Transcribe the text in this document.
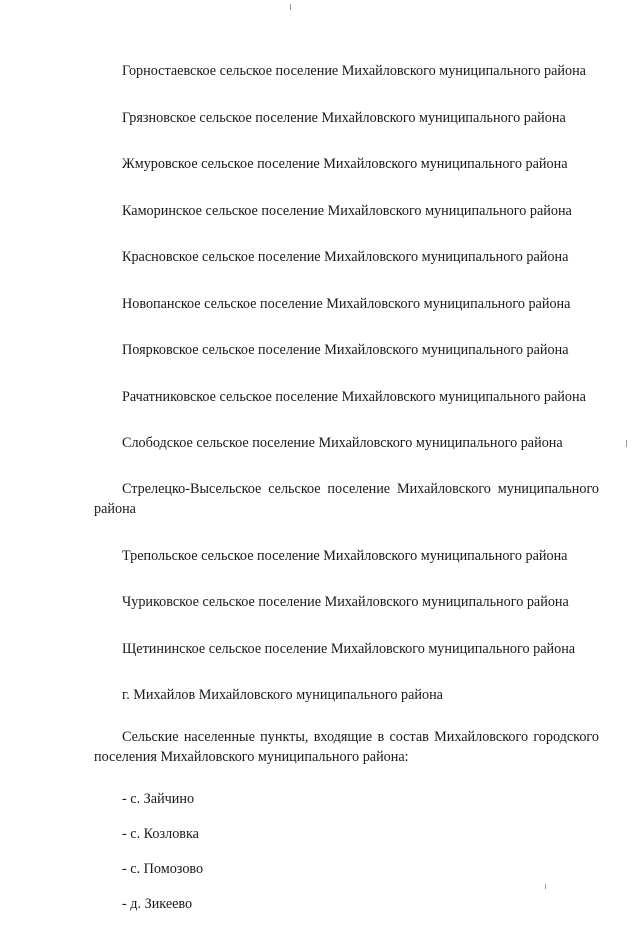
Горностаевское сельское поселение Михайловского муниципального района

Грязновское сельское поселение Михайловского муниципального района

Жмуровское сельское поселение Михайловского муниципального района

Каморинское сельское поселение Михайловского муниципального района

Красновское сельское поселение Михайловского муниципального района

Новопанское сельское поселение Михайловского муниципального района

Поярковское сельское поселение Михайловского муниципального района

Рачатниковское сельское поселение Михайловского муниципального района

Слободское сельское поселение Михайловского муниципального района

Стрелецко-Высельское сельское поселение Михайловского муниципального района

Трепольское сельское поселение Михайловского муниципального района

Чуриковское сельское поселение Михайловского муниципального района

Щетининское сельское поселение Михайловского муниципального района

г. Михайлов Михайловского муниципального района

Сельские населенные пункты, входящие в состав Михайловского городского поселения Михайловского муниципального района:

- с. Зайчино
- с. Козловка
- с. Помозово
- д. Зикеево
